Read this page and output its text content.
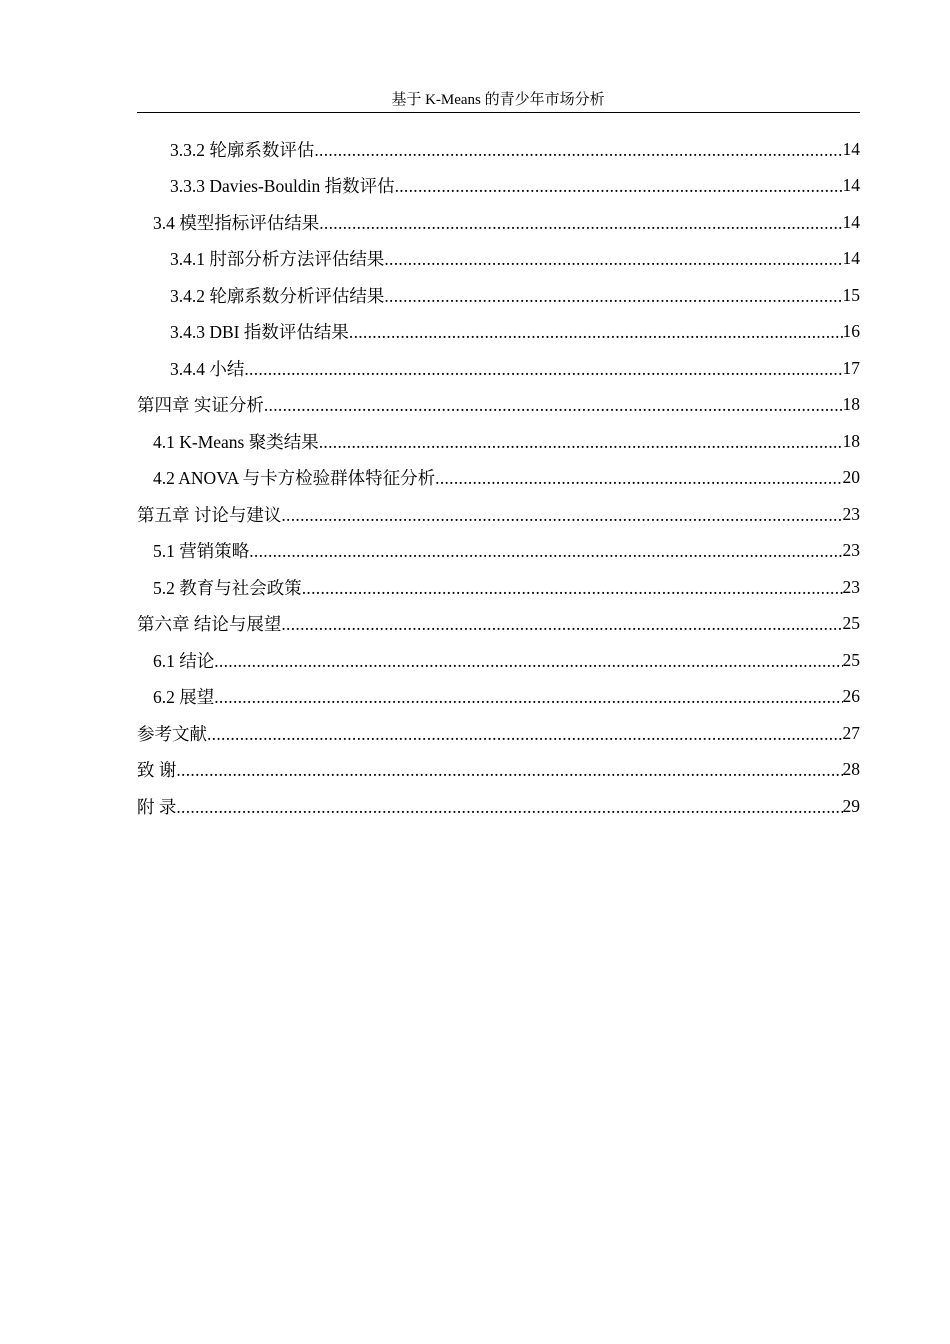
基于 K-Means 的青少年市场分析
3.3.2 轮廓系数评估 .....	14
3.3.3 Davies-Bouldin 指数评估 .....	14
3.4 模型指标评估结果 .....	14
3.4.1 肘部分析方法评估结果 .....	14
3.4.2 轮廓系数分析评估结果 .....	15
3.4.3 DBI 指数评估结果 .....	16
3.4.4 小结 .....	17
第四章 实证分析 .....	18
4.1 K-Means 聚类结果 .....	18
4.2 ANOVA 与卡方检验群体特征分析 .....	20
第五章 讨论与建议 .....	23
5.1 营销策略 .....	23
5.2 教育与社会政策 .....	23
第六章 结论与展望 .....	25
6.1 结论 .....	25
6.2 展望 .....	26
参考文献 .....	27
致 谢 .....	28
附 录 .....	29
